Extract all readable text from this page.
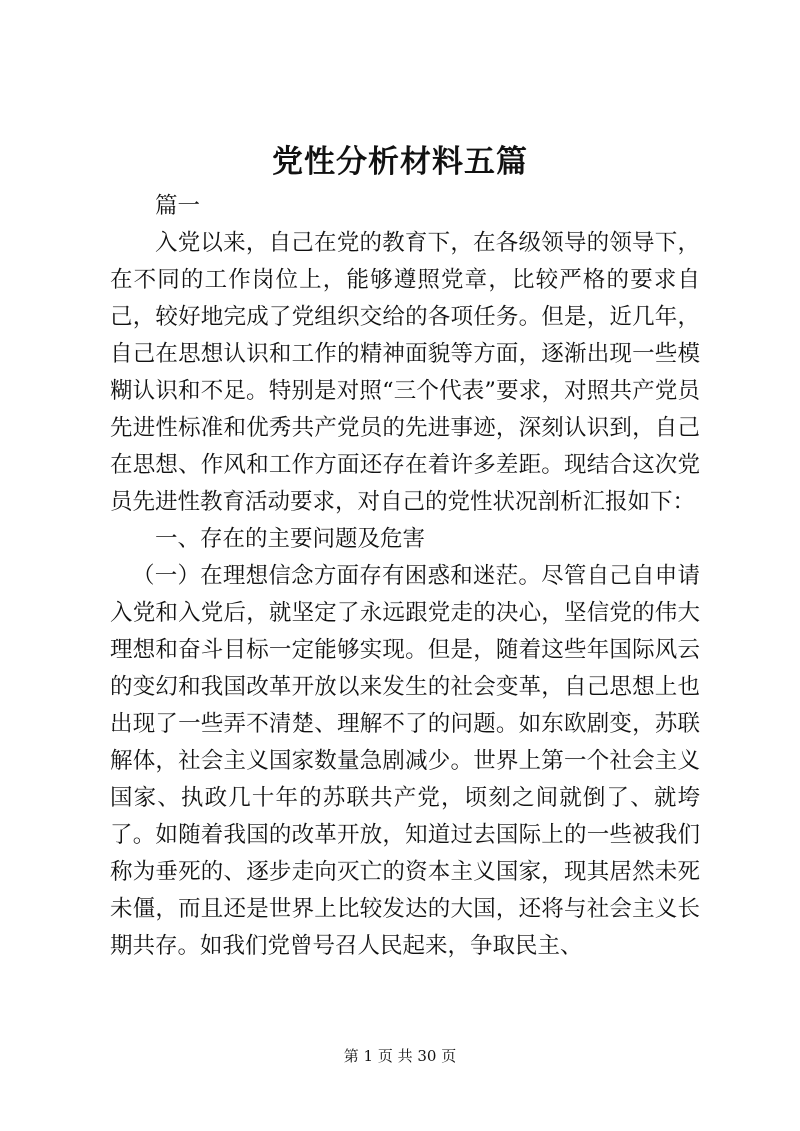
党性分析材料五篇

篇一

入党以来，自己在党的教育下，在各级领导的领导下，在不同的工作岗位上，能够遵照党章，比较严格的要求自己，较好地完成了党组织交给的各项任务。但是，近几年，自己在思想认识和工作的精神面貌等方面，逐渐出现一些模糊认识和不足。特别是对照“三个代表”要求，对照共产党员先进性标准和优秀共产党员的先进事迹，深刻认识到，自己在思想、作风和工作方面还存在着许多差距。现结合这次党员先进性教育活动要求，对自己的党性状况剖析汇报如下：

一、存在的主要问题及危害

（一）在理想信念方面存有困惑和迷茫。尽管自己自申请入党和入党后，就坚定了永远跟党走的决心，坚信党的伟大理想和奋斗目标一定能够实现。但是，随着这些年国际风云的变幻和我国改革开放以来发生的社会变革，自己思想上也出现了一些弄不清楚、理解不了的问题。如东欧剧变，苏联解体，社会主义国家数量急剧减少。世界上第一个社会主义国家、执政几十年的苏联共产党，顷刻之间就倒了、就垮了。如随着我国的改革开放，知道过去国际上的一些被我们称为垂死的、逐步走向灭亡的资本主义国家，现其居然未死未僵，而且还是世界上比较发达的大国，还将与社会主义长期共存。如我们党曾号召人民起来，争取民主、

第 1 页 共 30 页
